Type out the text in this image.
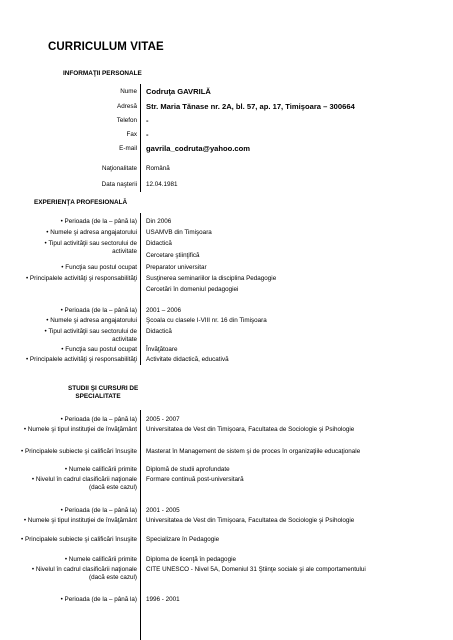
CURRICULUM VITAE
INFORMAŢII PERSONALE
Nume Codruţa GAVRILĂ
Adresă Str. Maria Tănase nr. 2A, bl. 57, ap. 17, Timişoara – 300664
Telefon -
Fax -
E-mail gavrila_codruta@yahoo.com
Naţionalitate Română
Data naşterii 12.04.1981
EXPERIENŢA PROFESIONALĂ
• Perioada (de la – până la) Din 2006
• Numele şi adresa angajatorului USAMVB din Timişoara
• Tipul activităţii sau sectorului de activitate
Didactică
Cercetare ştiinţifică
• Funcţia sau postul ocupat Preparator universitar
• Principalele activităţi şi responsabilităţi Susţinerea seminariilor la disciplina Pedagogie
Cercetări în domeniul pedagogiei
• Perioada (de la – până la) 2001 – 2006
• Numele şi adresa angajatorului Şcoala cu clasele I-VIII nr. 16 din Timişoara
• Tipul activităţii sau sectorului de activitate
Didactică
• Funcţia sau postul ocupat Învăţătoare
• Principalele activităţi şi responsabilităţi Activitate didactică, educativă
STUDII ŞI CURSURI DE
SPECIALITATE
• Perioada (de la – până la) 2005 - 2007
• Numele şi tipul instituţiei de învăţământ Universitatea de Vest din Timişoara, Facultatea de Sociologie şi Psihologie
• Principalele subiecte şi calificări însuşite Masterat în Management de sistem şi de proces în organizaţiile educaţionale
• Numele calificării primite Diplomă de studii aprofundate
• Nivelul în cadrul clasificării naţionale (dacă este cazul)
Formare continuă post-universitară
• Perioada (de la – până la) 2001 - 2005
• Numele şi tipul instituţiei de învăţământ Universitatea de Vest din Timişoara, Facultatea de Sociologie şi Psihologie
• Principalele subiecte şi calificări însuşite Specializare în Pedagogie
• Numele calificării primite Diploma de licenţă în pedagogie
• Nivelul în cadrul clasificării naţionale (dacă este cazul)
CITE UNESCO - Nivel 5A, Domeniul 31 Ştiinţe sociale şi ale comportamentului
• Perioada (de la – până la) 1996 - 2001
